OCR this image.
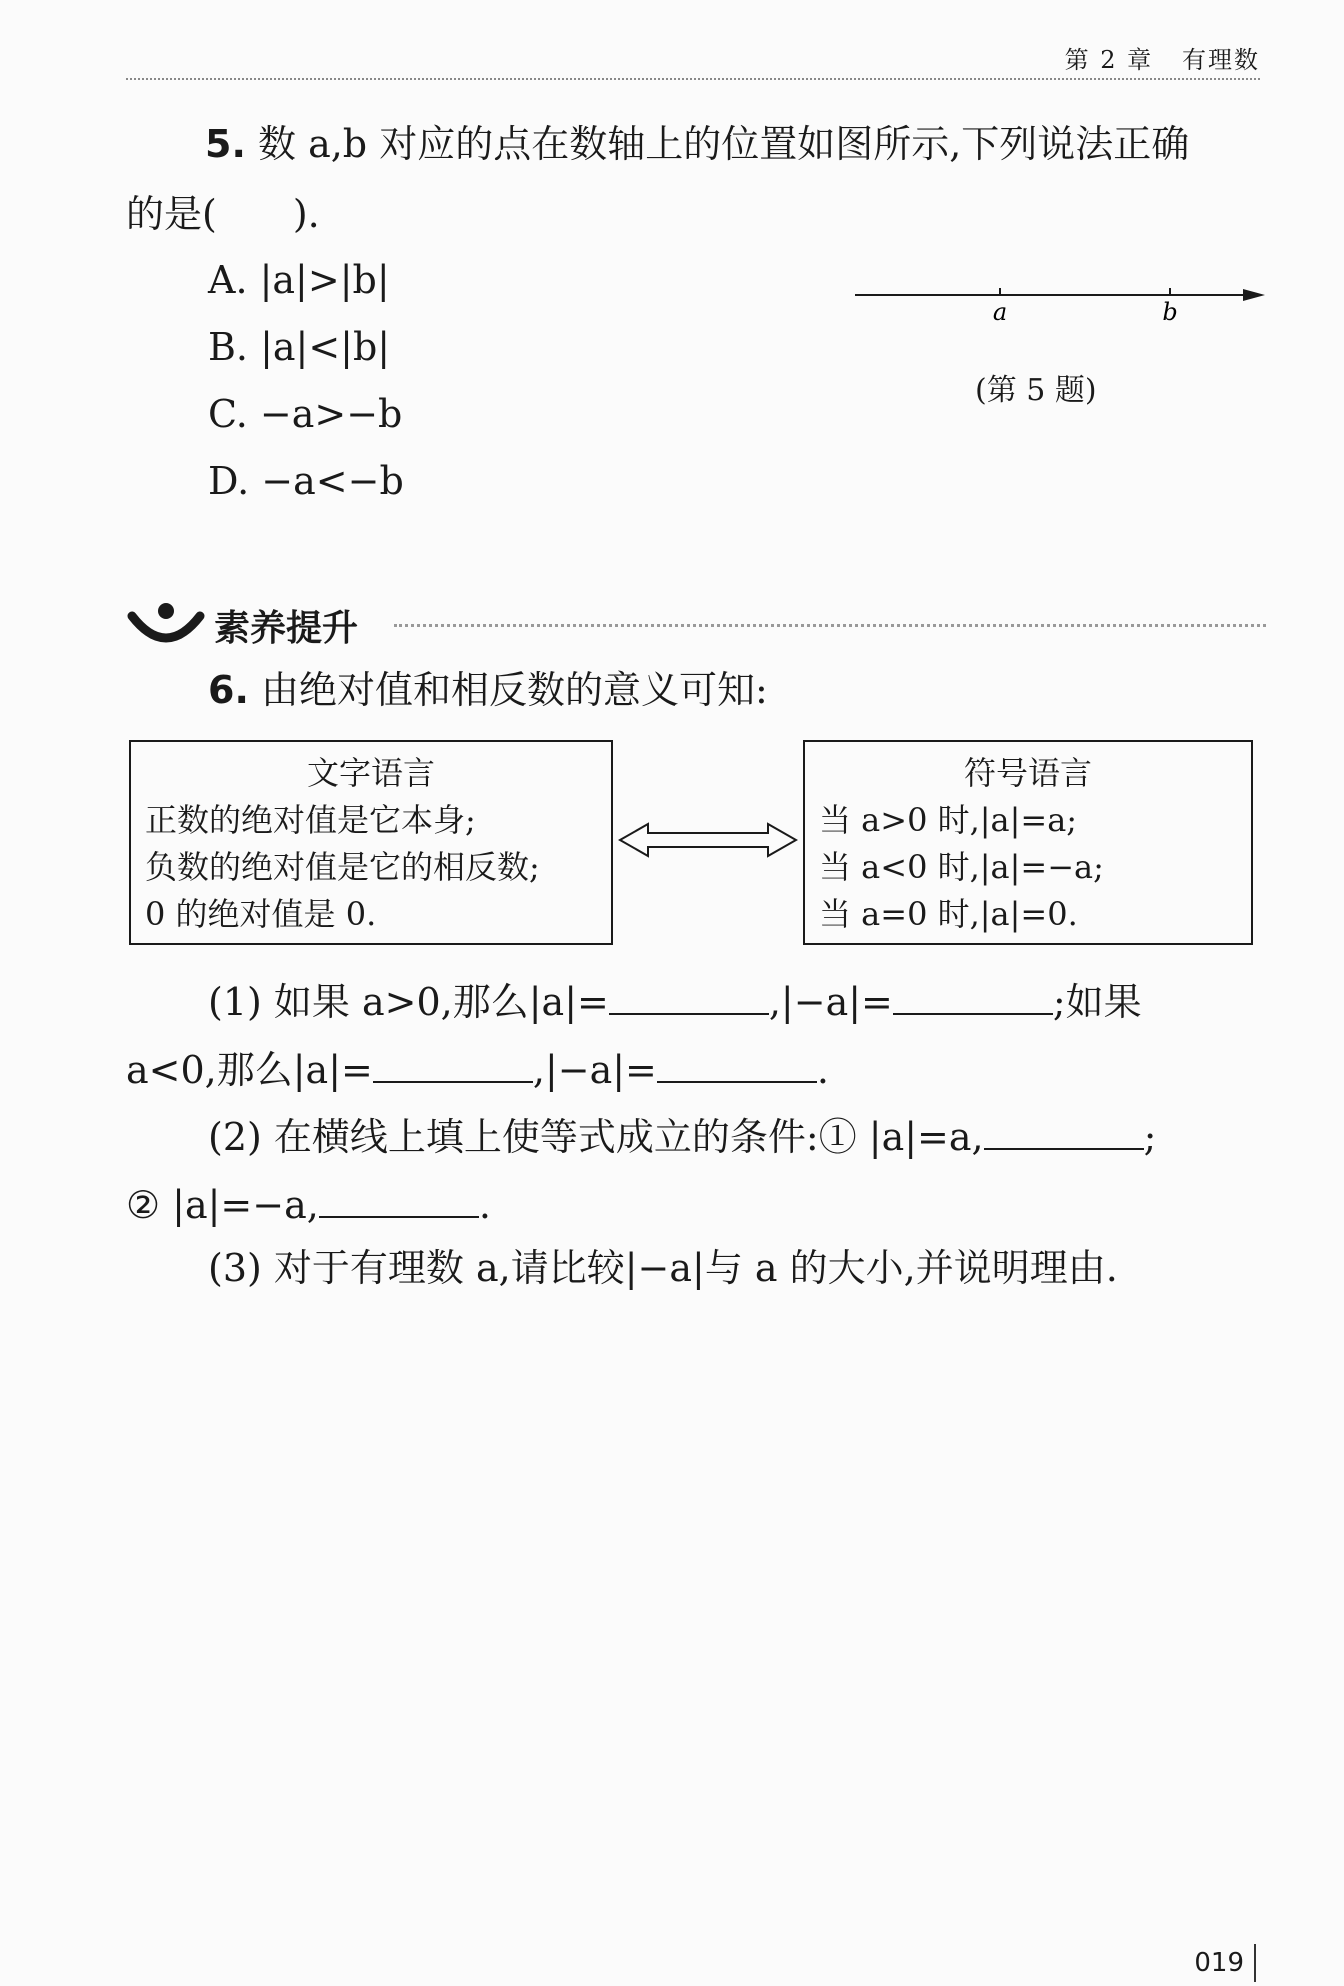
第 2 章 有理数
5. 数 a,b 对应的点在数轴上的位置如图所示,下列说法正确
的是(　　).
A. |a|>|b|
B. |a|<|b|
C. −a>−b
D. −a<−b
a	b
(第 5 题)
素养提升
6. 由绝对值和相反数的意义可知:
文字语言
正数的绝对值是它本身;
负数的绝对值是它的相反数;
0 的绝对值是 0.
符号语言
当 a>0 时,|a|=a;
当 a<0 时,|a|=−a;
当 a=0 时,|a|=0.
(1) 如果 a>0,那么|a|=	,|−a|=	;如果
a<0,那么|a|=	,|−a|=	.
(2) 在横线上填上使等式成立的条件:① |a|=a,	;
② |a|=−a,	.
(3) 对于有理数 a,请比较|−a|与 a 的大小,并说明理由.
019
